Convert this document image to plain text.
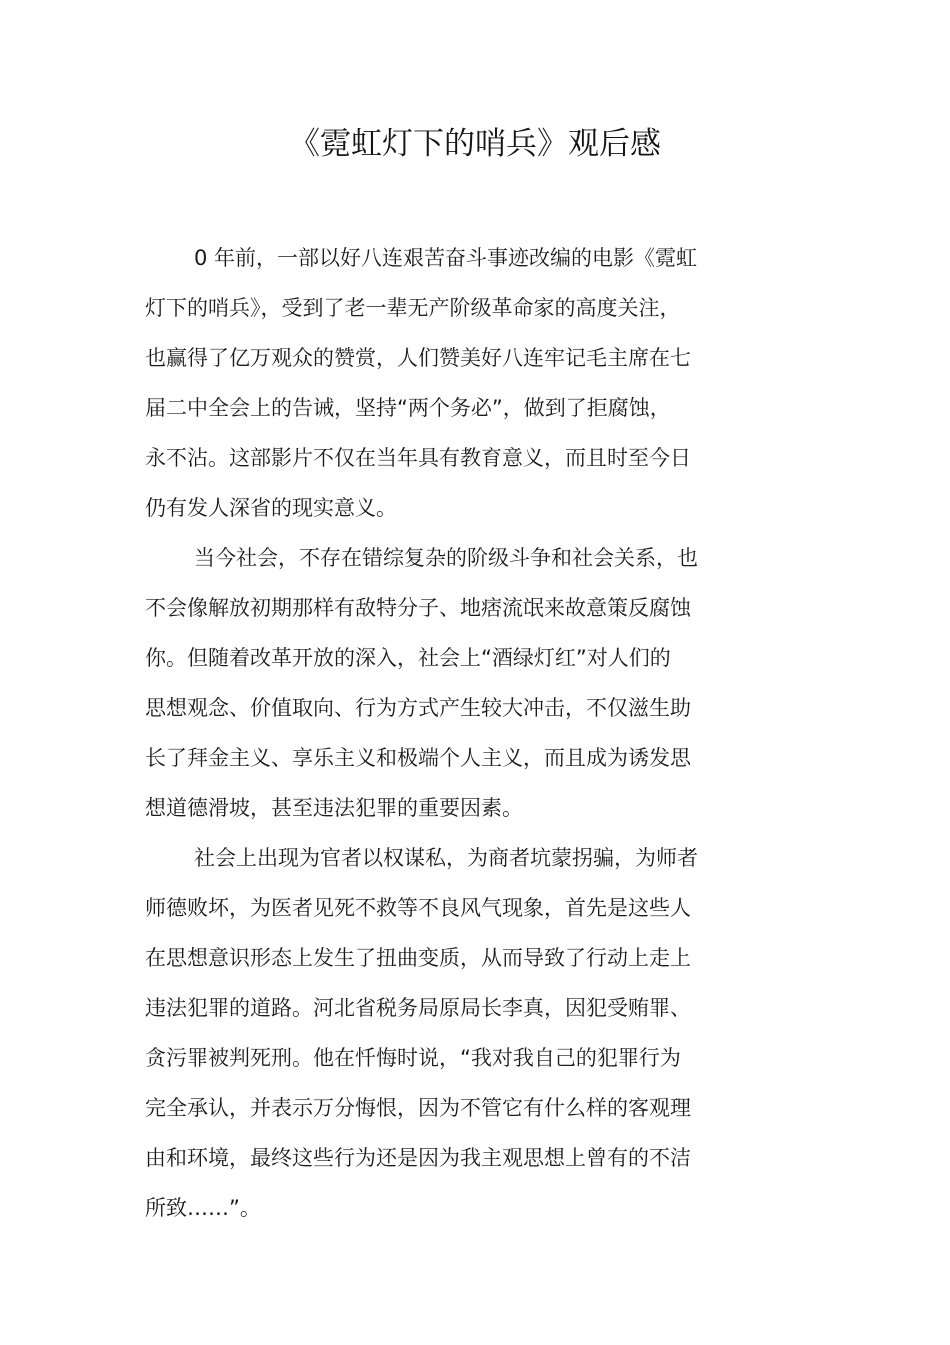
《霓虹灯下的哨兵》观后感

0 年前，一部以好八连艰苦奋斗事迹改编的电影《霓虹
灯下的哨兵》，受到了老一辈无产阶级革命家的高度关注，
也赢得了亿万观众的赞赏，人们赞美好八连牢记毛主席在七
届二中全会上的告诫，坚持“两个务必”，做到了拒腐蚀，
永不沾。这部影片不仅在当年具有教育意义，而且时至今日
仍有发人深省的现实意义。

当今社会，不存在错综复杂的阶级斗争和社会关系，也
不会像解放初期那样有敌特分子、地痞流氓来故意策反腐蚀
你。但随着改革开放的深入，社会上“酒绿灯红”对人们的
思想观念、价值取向、行为方式产生较大冲击，不仅滋生助
长了拜金主义、享乐主义和极端个人主义，而且成为诱发思
想道德滑坡，甚至违法犯罪的重要因素。

社会上出现为官者以权谋私，为商者坑蒙拐骗，为师者
师德败坏，为医者见死不救等不良风气现象，首先是这些人
在思想意识形态上发生了扭曲变质，从而导致了行动上走上
违法犯罪的道路。河北省税务局原局长李真，因犯受贿罪、
贪污罪被判死刑。他在忏悔时说，“我对我自己的犯罪行为
完全承认，并表示万分悔恨，因为不管它有什么样的客观理
由和环境，最终这些行为还是因为我主观思想上曾有的不洁
所致……”。
